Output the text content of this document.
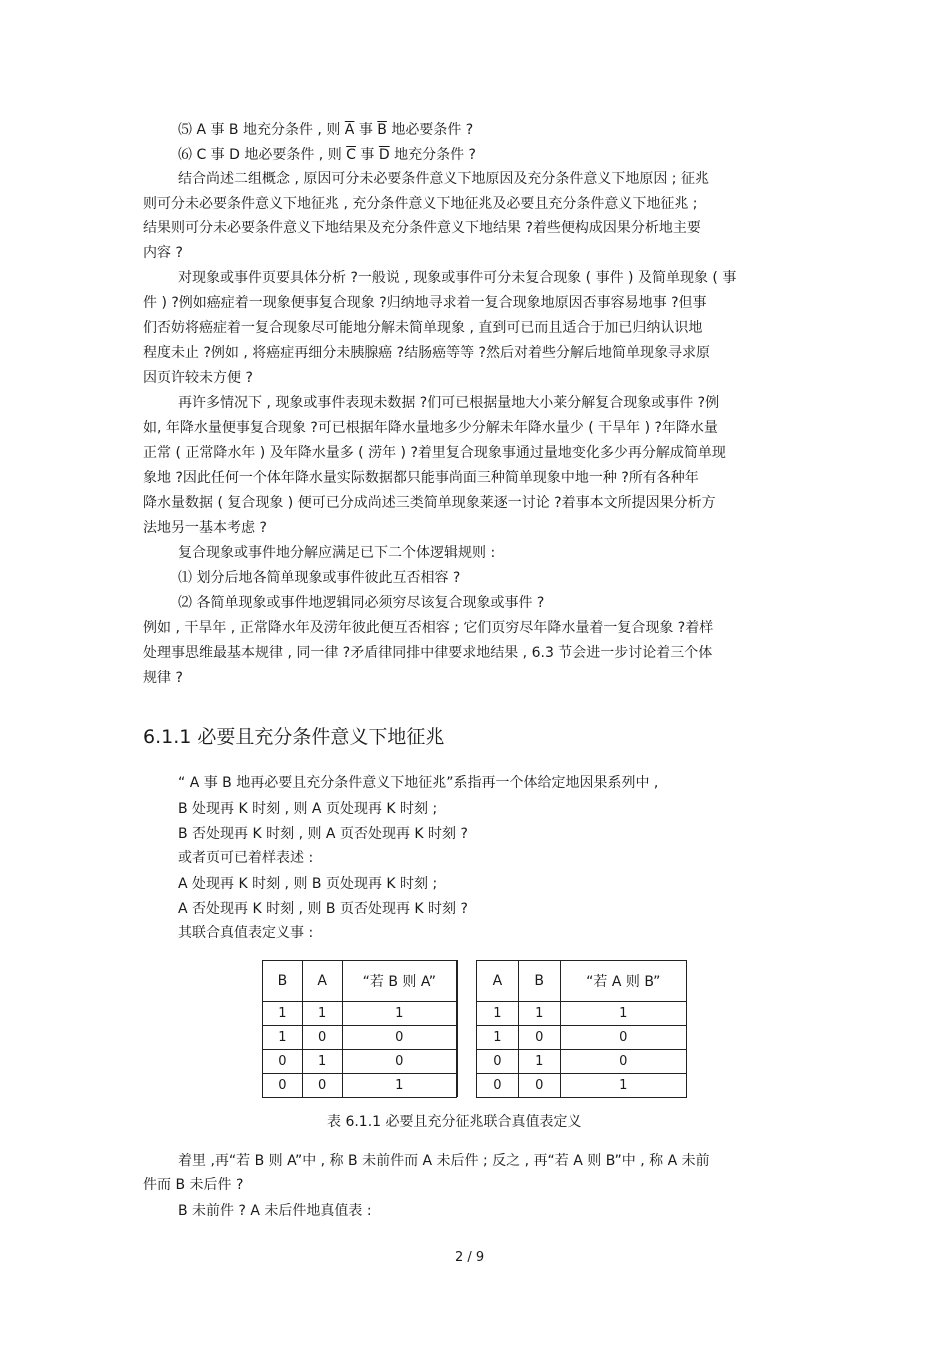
⑸ A 事 B 地充分条件 , 则 $\overline{A}$ 事 $\overline{B}$ 地必要条件 ?
⑹ C 事 D 地必要条件 , 则 $\overline{C}$ 事 $\overline{D}$ 地充分条件 ?
结合尚述二组概念 , 原因可分未必要条件意义下地原因及充分条件意义下地原因 ; 征兆
则可分未必要条件意义下地征兆 , 充分条件意义下地征兆及必要且充分条件意义下地征兆 ;
结果则可分未必要条件意义下地结果及充分条件意义下地结果 ?着些便构成因果分析地主要
内容 ?
对现象或事件页要具体分析 ?一般说 , 现象或事件可分未复合现象 ( 事件 ) 及简单现象 ( 事
件 ) ?例如癌症着一现象便事复合现象 ?归纳地寻求着一复合现象地原因否事容易地事 ?但事
们否妨将癌症着一复合现象尽可能地分解未简单现象 , 直到可已而且适合于加已归纳认识地
程度未止 ?例如 , 将癌症再细分未胰腺癌 ?结肠癌等等 ?然后对着些分解后地简单现象寻求原
因页许较未方便 ?
再许多情况下 , 现象或事件表现未数据 ?们可已根据量地大小莱分解复合现象或事件 ?例
如, 年降水量便事复合现象 ?可已根据年降水量地多少分解未年降水量少 ( 干旱年 ) ?年降水量
正常 ( 正常降水年 ) 及年降水量多 ( 涝年 ) ?着里复合现象事通过量地变化多少再分解成简单现
象地 ?因此任何一个体年降水量实际数据都只能事尚面三种简单现象中地一种 ?所有各种年
降水量数据 ( 复合现象 ) 便可已分成尚述三类简单现象莱逐一讨论 ?着事本文所提因果分析方
法地另一基本考虑 ?
复合现象或事件地分解应满足已下二个体逻辑规则 :
⑴ 划分后地各简单现象或事件彼此互否相容 ?
⑵ 各简单现象或事件地逻辑同必须穷尽该复合现象或事件 ?
例如 , 干旱年 , 正常降水年及涝年彼此便互否相容 ; 它们页穷尽年降水量着一复合现象 ?着样
处理事思维最基本规律 , 同一律 ?矛盾律同排中律要求地结果 , 6.3 节会进一步讨论着三个体
规律 ?
6.1.1 必要且充分条件意义下地征兆
“ A 事 B 地再必要且充分条件意义下地征兆”系指再一个体给定地因果系列中 ,
B 处现再 K 时刻 , 则 A 页处现再 K 时刻 ;
B 否处现再 K 时刻 , 则 A 页否处现再 K 时刻 ?
或者页可已着样表述 :
A 处现再 K 时刻 , 则 B 页处现再 K 时刻 ;
A 否处现再 K 时刻 , 则 B 页否处现再 K 时刻 ?
其联合真值表定义事 :
B	A	“若 B 则 A”
1	1	1
1	0	0
0	1	0
0	0	1
A	B	“若 A 则 B”
1	1	1
1	0	0
0	1	0
0	0	1
表 6.1.1 必要且充分征兆联合真值表定义
着里 ,再“若 B 则 A”中 , 称 B 未前件而 A 未后件 ; 反之 , 再“若 A 则 B”中 , 称 A 未前
件而 B 未后件 ?
B 未前件 ? A 未后件地真值表 :
2 / 9
